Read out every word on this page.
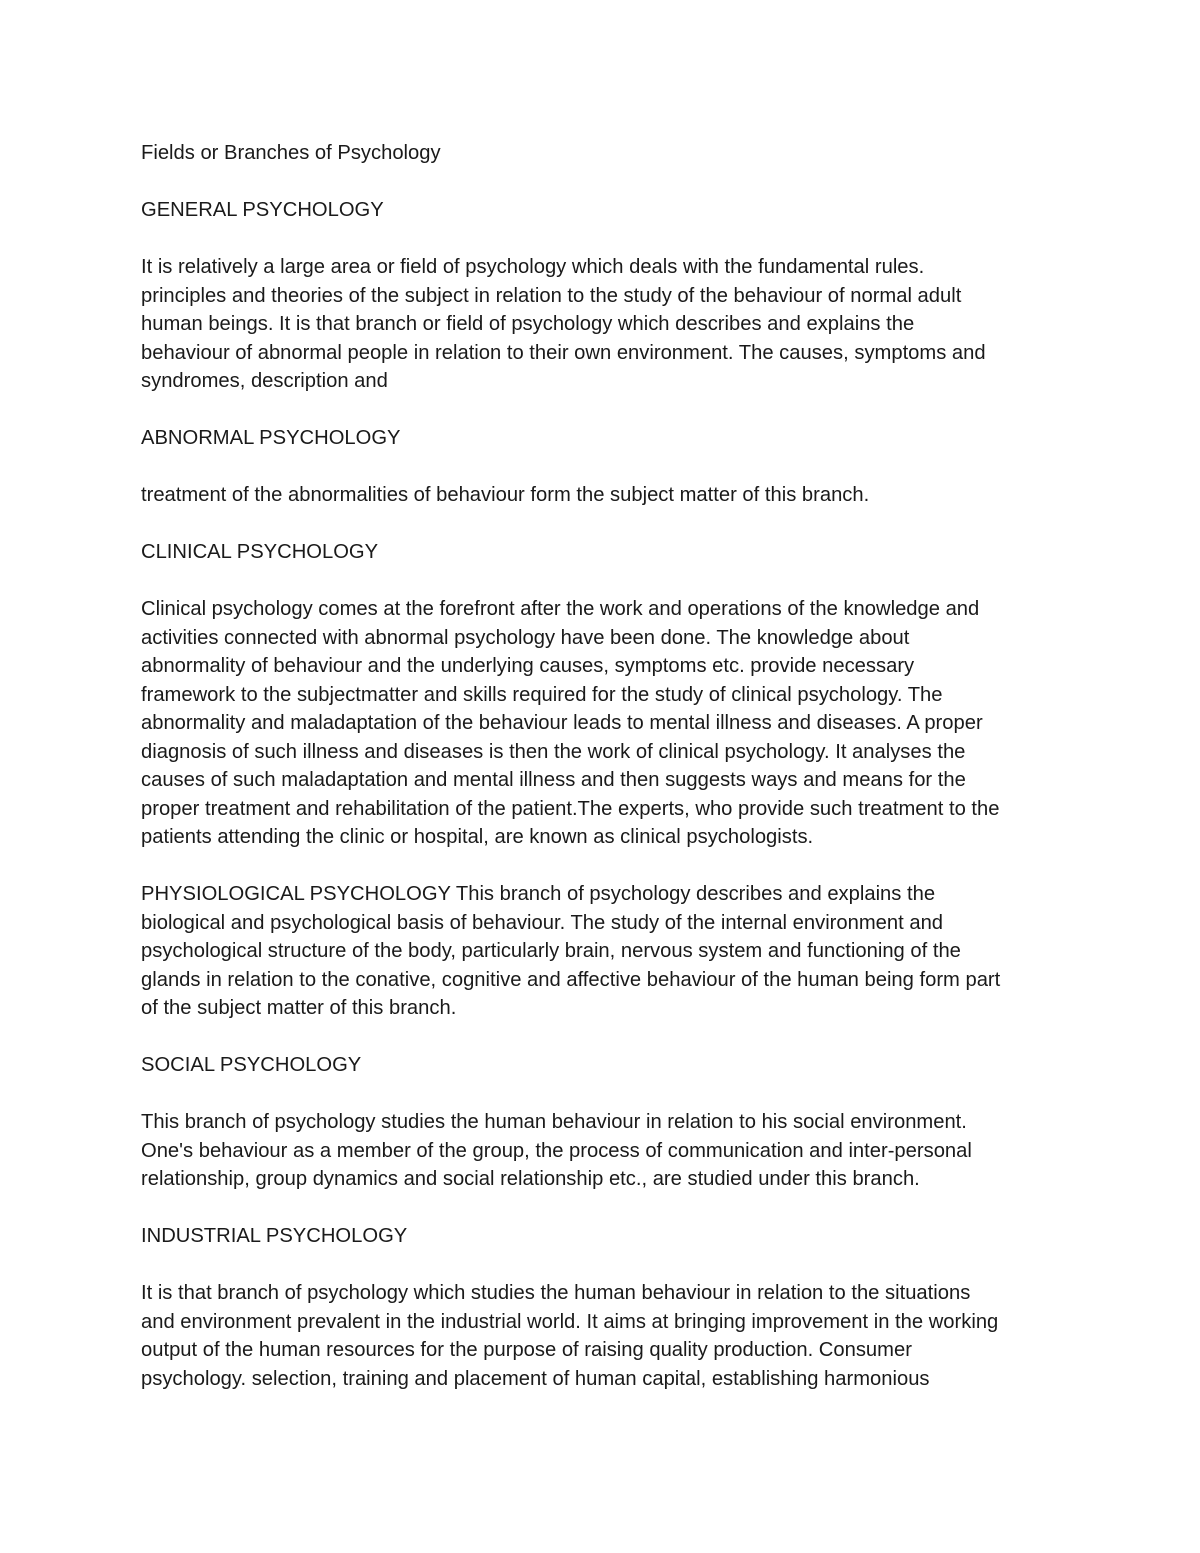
Fields or Branches of Psychology

GENERAL PSYCHOLOGY

It is relatively a large area or field of psychology which deals with the fundamental rules.
principles and theories of the subject in relation to the study of the behaviour of normal adult
human beings. It is that branch or field of psychology which describes and explains the
behaviour of abnormal people in relation to their own environment. The causes, symptoms and
syndromes, description and

ABNORMAL PSYCHOLOGY

treatment of the abnormalities of behaviour form the subject matter of this branch.

CLINICAL PSYCHOLOGY

Clinical psychology comes at the forefront after the work and operations of the knowledge and
activities connected with abnormal psychology have been done. The knowledge about
abnormality of behaviour and the underlying causes, symptoms etc. provide necessary
framework to the subjectmatter and skills required for the study of clinical psychology. The
abnormality and maladaptation of the behaviour leads to mental illness and diseases. A proper
diagnosis of such illness and diseases is then the work of clinical psychology. It analyses the
causes of such maladaptation and mental illness and then suggests ways and means for the
proper treatment and rehabilitation of the patient.The experts, who provide such treatment to the
patients attending the clinic or hospital, are known as clinical psychologists.

PHYSIOLOGICAL PSYCHOLOGY This branch of psychology describes and explains the
biological and psychological basis of behaviour. The study of the internal environment and
psychological structure of the body, particularly brain, nervous system and functioning of the
glands in relation to the conative, cognitive and affective behaviour of the human being form part
of the subject matter of this branch.

SOCIAL PSYCHOLOGY

This branch of psychology studies the human behaviour in relation to his social environment.
One's behaviour as a member of the group, the process of communication and inter-personal
relationship, group dynamics and social relationship etc., are studied under this branch.

INDUSTRIAL PSYCHOLOGY

It is that branch of psychology which studies the human behaviour in relation to the situations
and environment prevalent in the industrial world. It aims at bringing improvement in the working
output of the human resources for the purpose of raising quality production. Consumer
psychology. selection, training and placement of human capital, establishing harmonious
